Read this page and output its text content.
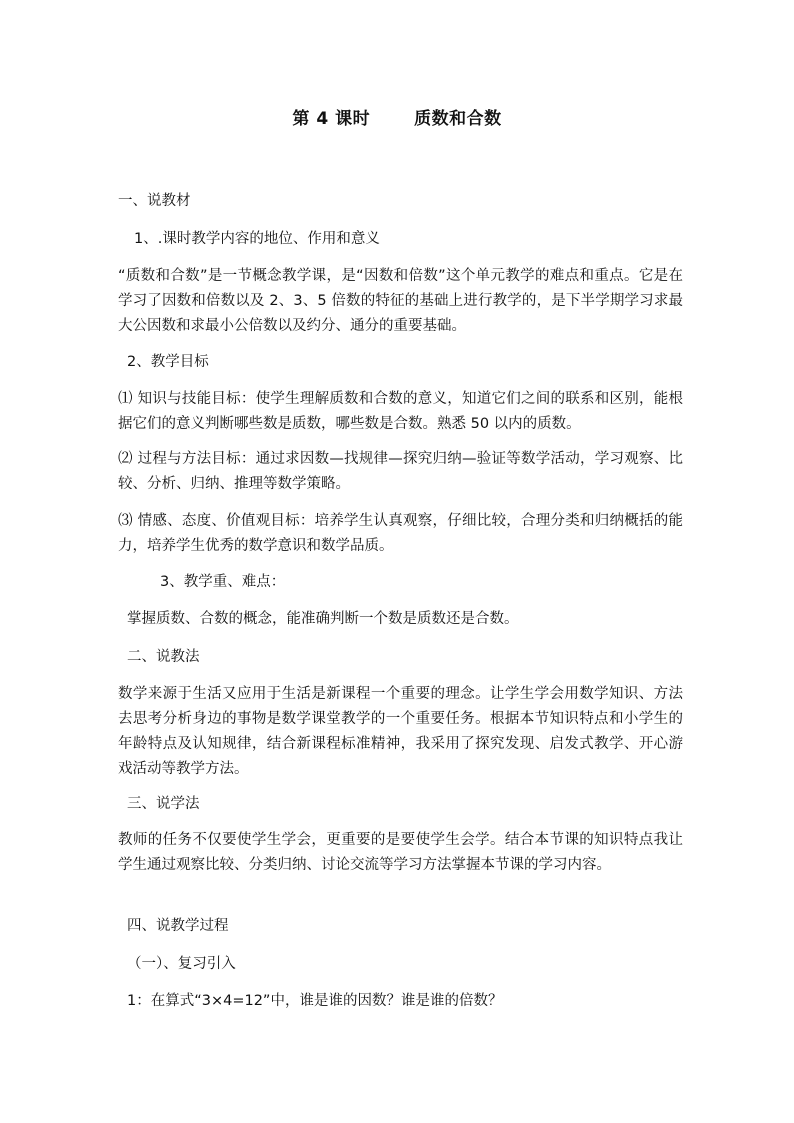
第 4 课时	质数和合数
一、说教材
1、.课时教学内容的地位、作用和意义
“质数和合数”是一节概念教学课，是“因数和倍数”这个单元教学的难点和重点。它是在学习了因数和倍数以及 2、3、5 倍数的特征的基础上进行教学的，是下半学期学习求最大公因数和求最小公倍数以及约分、通分的重要基础。
2、教学目标
⑴ 知识与技能目标：使学生理解质数和合数的意义，知道它们之间的联系和区别，能根据它们的意义判断哪些数是质数，哪些数是合数。熟悉 50 以内的质数。
⑵ 过程与方法目标：通过求因数—找规律—探究归纳—验证等数学活动，学习观察、比较、分析、归纳、推理等数学策略。
⑶ 情感、态度、价值观目标：培养学生认真观察，仔细比较，合理分类和归纳概括的能力，培养学生优秀的数学意识和数学品质。
3、教学重、难点：
掌握质数、合数的概念，能准确判断一个数是质数还是合数。
二、说教法
数学来源于生活又应用于生活是新课程一个重要的理念。让学生学会用数学知识、方法去思考分析身边的事物是数学课堂教学的一个重要任务。根据本节知识特点和小学生的年龄特点及认知规律，结合新课程标准精神，我采用了探究发现、启发式教学、开心游戏活动等教学方法。
三、说学法
教师的任务不仅要使学生学会，更重要的是要使学生会学。结合本节课的知识特点我让学生通过观察比较、分类归纳、讨论交流等学习方法掌握本节课的学习内容。
四、说教学过程
（一）、复习引入
1：在算式“3×4=12”中，谁是谁的因数？谁是谁的倍数？
